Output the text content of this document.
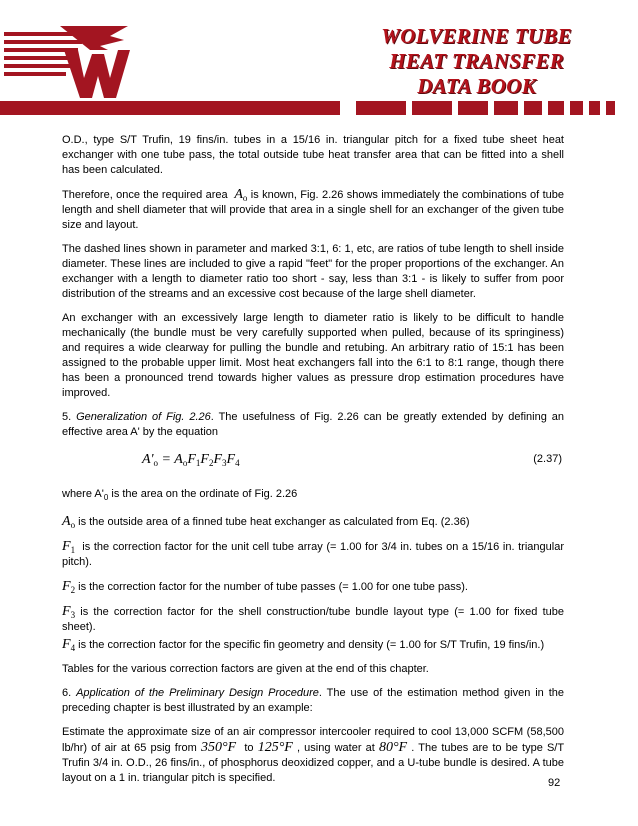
WOLVERINE TUBE
HEAT TRANSFER
DATA BOOK

O.D., type S/T Trufin, 19 fins/in. tubes in a 15/16 in. triangular pitch for a fixed tube sheet heat exchanger with one tube pass, the total outside tube heat transfer area that can be fitted into a shell has been calculated.

Therefore, once the required area $A_o$ is known, Fig. 2.26 shows immediately the combinations of tube length and shell diameter that will provide that area in a single shell for an exchanger of the given tube size and layout.

The dashed lines shown in parameter and marked 3:1, 6: 1, etc, are ratios of tube length to shell inside diameter. These lines are included to give a rapid "feet" for the proper proportions of the exchanger. An exchanger with a length to diameter ratio too short - say, less than 3:1 - is likely to suffer from poor distribution of the streams and an excessive cost because of the large shell diameter.

An exchanger with an excessively large length to diameter ratio is likely to be difficult to handle mechanically (the bundle must be very carefully supported when pulled, because of its springiness) and requires a wide clearway for pulling the bundle and retubing. An arbitrary ratio of 15:1 has been assigned to the probable upper limit. Most heat exchangers fall into the 6:1 to 8:1 range, though there has been a pronounced trend towards higher values as pressure drop estimation procedures have improved.

5. Generalization of Fig. 2.26. The usefulness of Fig. 2.26 can be greatly extended by defining an effective area A' by the equation

$A'_o = A_oF_1F_2F_3F_4$	(2.37)

where $A'_0$ is the area on the ordinate of Fig. 2.26

$A_o$ is the outside area of a finned tube heat exchanger as calculated from Eq. (2.36)

$F_1$ is the correction factor for the unit cell tube array (= 1.00 for 3/4 in. tubes on a 15/16 in. triangular pitch).

$F_2$ is the correction factor for the number of tube passes (= 1.00 for one tube pass).

$F_3$ is the correction factor for the shell construction/tube bundle layout type (= 1.00 for fixed tube sheet).

$F_4$ is the correction factor for the specific fin geometry and density (= 1.00 for S/T Trufin, 19 fins/in.)

Tables for the various correction factors are given at the end of this chapter.

6. Application of the Preliminary Design Procedure. The use of the estimation method given in the preceding chapter is best illustrated by an example:

Estimate the approximate size of an air compressor intercooler required to cool 13,000 SCFM (58,500 lb/hr) of air at 65 psig from 350°F to 125°F , using water at 80°F . The tubes are to be type S/T Trufin 3/4 in. O.D., 26 fins/in., of phosphorus deoxidized copper, and a U-tube bundle is desired. A tube layout on a 1 in. triangular pitch is specified.	92
